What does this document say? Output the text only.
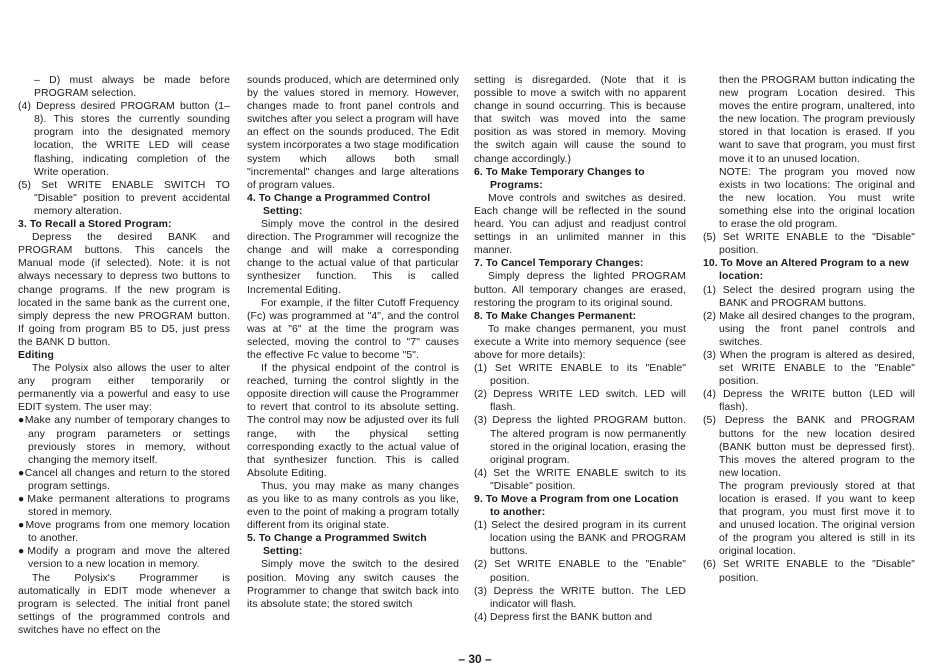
– D) must always be made before PROGRAM selection.

(4) Depress desired PROGRAM button (1–8). This stores the currently sounding program into the designated memory location, the WRITE LED will cease flashing, indicating completion of the Write operation.

(5) Set WRITE ENABLE SWITCH TO "Disable" position to prevent accidental memory alteration.

3. To Recall a Stored Program:

Depress the desired BANK and PROGRAM buttons. This cancels the Manual mode (if selected). Note: it is not always necessary to depress two buttons to change programs. If the new program is located in the same bank as the current one, simply depress the new PROGRAM button. If going from program B5 to D5, just press the BANK D button.

Editing

The Polysix also allows the user to alter any program either temporarily or permanently via a powerful and easy to use EDIT system. The user may:

●Make any number of temporary changes to any program parameters or settings previously stores in memory, without changing the memory itself.

●Cancel all changes and return to the stored program settings.

●Make permanent alterations to programs stored in memory.

●Move programs from one memory location to another.

●Modify a program and move the altered version to a new location in memory.

The Polysix's Programmer is automatically in EDIT mode whenever a program is selected. The initial front panel settings of the programmed controls and switches have no effect on the

sounds produced, which are determined only by the values stored in memory. However, changes made to front panel controls and switches after you select a program will have an effect on the sounds produced. The Edit system incorporates a two stage modification system which allows both small "incremental" changes and large alterations of program values.

4. To Change a Programmed Control Setting:

Simply move the control in the desired direction. The Programmer will recognize the change and will make a corresponding change to the actual value of that particular synthesizer function. This is called Incremental Editing.

For example, if the filter Cutoff Frequency (Fc) was programmed at "4", and the control was at "6" at the time the program was selected, moving the control to "7" causes the effective Fc value to become "5".

If the physical endpoint of the control is reached, turning the control slightly in the opposite direction will cause the Programmer to revert that control to its absolute setting. The control may now be adjusted over its full range, with the physical setting corresponding exactly to the actual value of that synthesizer function. This is called Absolute Editing.

Thus, you may make as many changes as you like to as many controls as you like, even to the point of making a program totally different from its original state.

5. To Change a Programmed Switch Setting:

Simply move the switch to the desired position. Moving any switch causes the Programmer to change that switch back into its absolute state; the stored switch

setting is disregarded. (Note that it is possible to move a switch with no apparent change in sound occurring. This is because that switch was moved into the same position as was stored in memory. Moving the switch again will cause the sound to change accordingly.)

6. To Make Temporary Changes to Programs:

Move controls and switches as desired. Each change will be reflected in the sound heard. You can adjust and readjust control settings in an unlimited manner in this manner.

7. To Cancel Temporary Changes:

Simply depress the lighted PROGRAM button. All temporary changes are erased, restoring the program to its original sound.

8. To Make Changes Permanent:

To make changes permanent, you must execute a Write into memory sequence (see above for more details):

(1) Set WRITE ENABLE to its "Enable" position.

(2) Depress WRITE LED switch. LED will flash.

(3) Depress the lighted PROGRAM button. The altered program is now permanently stored in the original location, erasing the original program.

(4) Set the WRITE ENABLE switch to its "Disable" position.

9. To Move a Program from one Location to another:

(1) Select the desired program in its current location using the BANK and PROGRAM buttons.

(2) Set WRITE ENABLE to the "Enable" position.

(3) Depress the WRITE button. The LED indicator will flash.

(4) Depress first the BANK button and

then the PROGRAM button indicating the new program Location desired. This moves the entire program, unaltered, into the new location. The program previously stored in that location is erased. If you want to save that program, you must first move it to an unused location.

NOTE: The program you moved now exists in two locations: The original and the new location. You must write something else into the original location to erase the old program.

(5) Set WRITE ENABLE to the "Disable" position.

10. To Move an Altered Program to a new location:

(1) Select the desired program using the BANK and PROGRAM buttons.

(2) Make all desired changes to the program, using the front panel controls and switches.

(3) When the program is altered as desired, set WRITE ENABLE to the "Enable" position.

(4) Depress the WRITE button (LED will flash).

(5) Depress the BANK and PROGRAM buttons for the new location desired (BANK button must be depressed first). This moves the altered program to the new location.

The program previously stored at that location is erased. If you want to keep that program, you must first move it to and unused location. The original version of the program you altered is still in its original location.

(6) Set WRITE ENABLE to the "Disable" position.

– 30 –
